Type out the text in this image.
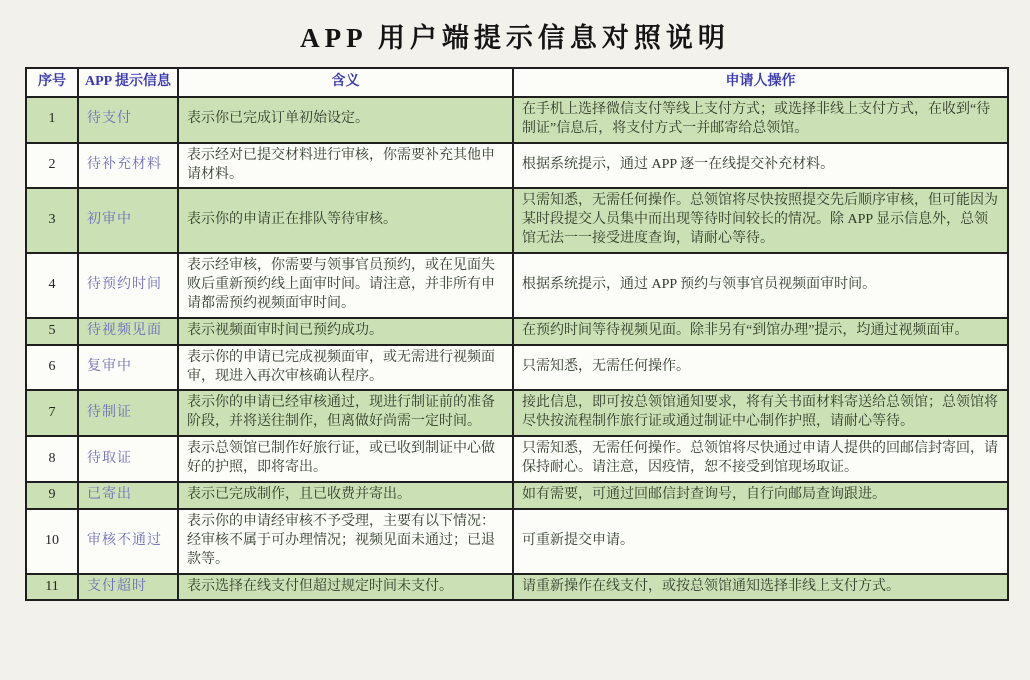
APP 用户端提示信息对照说明
序号	APP 提示信息	含义	申请人操作
1	待支付	表示你已完成订单初始设定。	在手机上选择微信支付等线上支付方式；或选择非线上支付方式，在收到“待制证”信息后，将支付方式一并邮寄给总领馆。
2	待补充材料	表示经对已提交材料进行审核，你需要补充其他申请材料。	根据系统提示，通过 APP 逐一在线提交补充材料。
3	初审中	表示你的申请正在排队等待审核。	只需知悉，无需任何操作。总领馆将尽快按照提交先后顺序审核，但可能因为某时段提交人员集中而出现等待时间较长的情况。除 APP 显示信息外，总领馆无法一一接受进度查询，请耐心等待。
4	待预约时间	表示经审核，你需要与领事官员预约，或在见面失败后重新预约线上面审时间。请注意，并非所有申请都需预约视频面审时间。	根据系统提示，通过 APP 预约与领事官员视频面审时间。
5	待视频见面	表示视频面审时间已预约成功。	在预约时间等待视频见面。除非另有“到馆办理”提示，均通过视频面审。
6	复审中	表示你的申请已完成视频面审，或无需进行视频面审，现进入再次审核确认程序。	只需知悉，无需任何操作。
7	待制证	表示你的申请已经审核通过，现进行制证前的准备阶段，并将送往制作，但离做好尚需一定时间。	接此信息，即可按总领馆通知要求，将有关书面材料寄送给总领馆；总领馆将尽快按流程制作旅行证或通过制证中心制作护照，请耐心等待。
8	待取证	表示总领馆已制作好旅行证，或已收到制证中心做好的护照，即将寄出。	只需知悉，无需任何操作。总领馆将尽快通过申请人提供的回邮信封寄回，请保持耐心。请注意，因疫情，恕不接受到馆现场取证。
9	已寄出	表示已完成制作，且已收费并寄出。	如有需要，可通过回邮信封查询号，自行向邮局查询跟进。
10	审核不通过	表示你的申请经审核不予受理，主要有以下情况：经审核不属于可办理情况；视频见面未通过；已退款等。	可重新提交申请。
11	支付超时	表示选择在线支付但超过规定时间未支付。	请重新操作在线支付，或按总领馆通知选择非线上支付方式。
